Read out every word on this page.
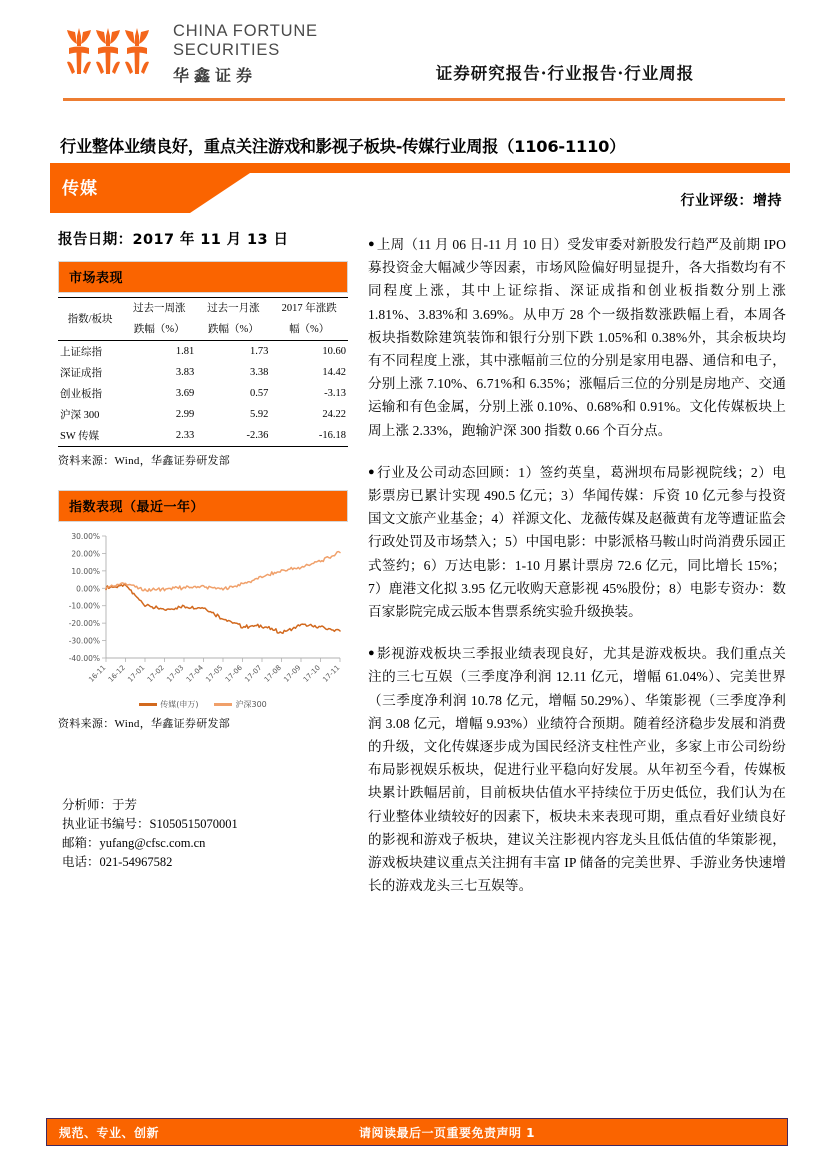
CHINA FORTUNE
SECURITIES
华鑫证券	证券研究报告·行业报告·行业周报
行业整体业绩良好，重点关注游戏和影视子板块-传媒行业周报（1106-1110）
传媒
行业评级：增持
报告日期：2017 年 11 月 13 日
市场表现
指数/板块	过去一周涨	过去一月涨	2017 年涨跌
	跌幅（%）	跌幅（%）	幅（%）
上证综指	1.81	1.73	10.60
深证成指	3.83	3.38	14.42
创业板指	3.69	0.57	-3.13
沪深 300	2.99	5.92	24.22
SW 传媒	2.33	-2.36	-16.18
资料来源：Wind，华鑫证券研发部
指数表现（最近一年）
30.00%
20.00%
10.00%
0.00%
-10.00%
-20.00%
-30.00%
-40.00%
16-11 16-12 17-01 17-02 17-03 17-04 17-05 17-06 17-07 17-08 17-09 17-10 17-11
传媒(申万)	沪深300
资料来源：Wind，华鑫证券研发部
分析师：于芳
执业证书编号：S1050515070001
邮箱：yufang@cfsc.com.cn
电话：021-54967582
● 上周（11 月 06 日-11 月 10 日）受发审委对新股发行趋严及前期 IPO 募投资金大幅减少等因素，市场风险偏好明显提升，各大指数均有不同程度上涨，其中上证综指、深证成指和创业板指数分别上涨 1.81%、3.83%和 3.69%。从申万 28 个一级指数涨跌幅上看，本周各板块指数除建筑装饰和银行分别下跌 1.05%和 0.38%外，其余板块均有不同程度上涨，其中涨幅前三位的分别是家用电器、通信和电子，分别上涨 7.10%、6.71%和 6.35%；涨幅后三位的分别是房地产、交通运输和有色金属，分别上涨 0.10%、0.68%和 0.91%。文化传媒板块上周上涨 2.33%，跑输沪深 300 指数 0.66 个百分点。
● 行业及公司动态回顾：1）签约英皇，葛洲坝布局影视院线；2）电影票房已累计实现 490.5 亿元；3）华闻传媒：斥资 10 亿元参与投资国文文旅产业基金；4）祥源文化、龙薇传媒及赵薇黄有龙等遭证监会行政处罚及市场禁入；5）中国电影：中影派格马鞍山时尚消费乐园正式签约；6）万达电影：1-10 月累计票房 72.6 亿元，同比增长 15%；7）鹿港文化拟 3.95 亿元收购天意影视 45%股份；8）电影专资办：数百家影院完成云版本售票系统实验升级换装。
● 影视游戏板块三季报业绩表现良好，尤其是游戏板块。我们重点关注的三七互娱（三季度净利润 12.11 亿元，增幅 61.04%）、完美世界（三季度净利润 10.78 亿元，增幅 50.29%）、华策影视（三季度净利润 3.08 亿元，增幅 9.93%）业绩符合预期。随着经济稳步发展和消费的升级，文化传媒逐步成为国民经济支柱性产业，多家上市公司纷纷布局影视娱乐板块，促进行业平稳向好发展。从年初至今看，传媒板块累计跌幅居前，目前板块估值水平持续位于历史低位，我们认为在行业整体业绩较好的因素下，板块未来表现可期，重点看好业绩良好的影视和游戏子板块，建议关注影视内容龙头且低估值的华策影视，游戏板块建议重点关注拥有丰富 IP 储备的完美世界、手游业务快速增长的游戏龙头三七互娱等。
规范、专业、创新	请阅读最后一页重要免责声明 1
